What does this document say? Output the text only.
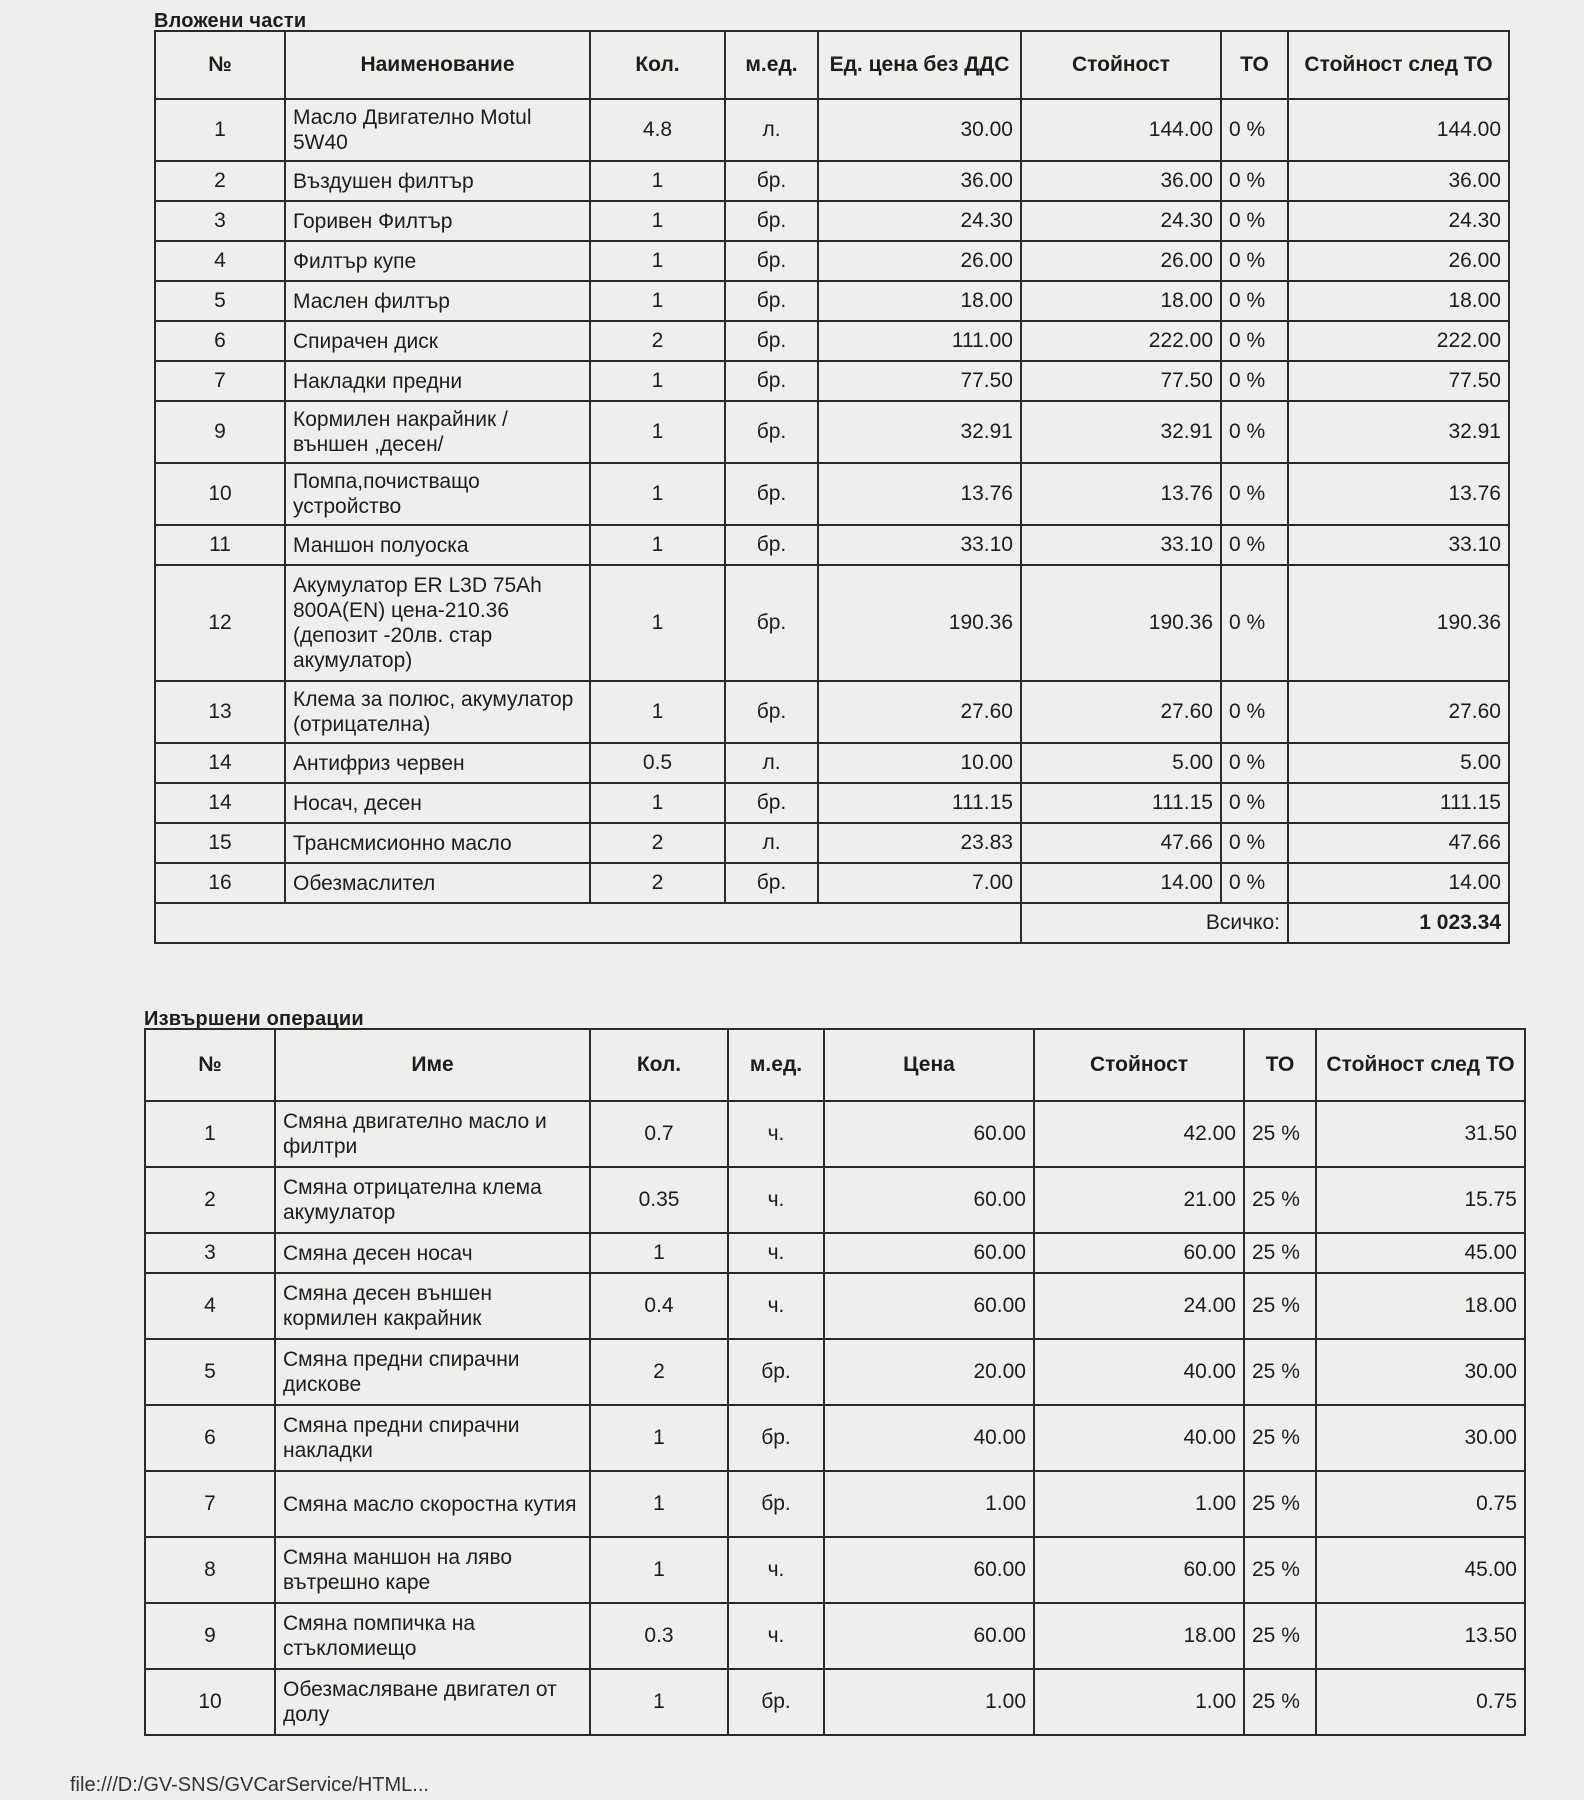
Вложени части
№	Наименование	Кол.	м.ед.	Ед. цена без ДДС	Стойност	ТО	Стойност след ТО
1	Масло Двигателно Motul 5W40	4.8	л.	30.00	144.00	0 %	144.00
2	Въздушен филтър	1	бр.	36.00	36.00	0 %	36.00
3	Горивен Филтър	1	бр.	24.30	24.30	0 %	24.30
4	Филтър купе	1	бр.	26.00	26.00	0 %	26.00
5	Маслен филтър	1	бр.	18.00	18.00	0 %	18.00
6	Спирачен диск	2	бр.	111.00	222.00	0 %	222.00
7	Накладки предни	1	бр.	77.50	77.50	0 %	77.50
9	Кормилен накрайник / външен ,десен/	1	бр.	32.91	32.91	0 %	32.91
10	Помпа,почистващо устройство	1	бр.	13.76	13.76	0 %	13.76
11	Маншон полуоска	1	бр.	33.10	33.10	0 %	33.10
12	Акумулатор ER L3D 75Ah 800A(EN) цена-210.36 (депозит -20лв. стар акумулатор)	1	бр.	190.36	190.36	0 %	190.36
13	Клема за полюс, акумулатор (отрицателна)	1	бр.	27.60	27.60	0 %	27.60
14	Антифриз червен	0.5	л.	10.00	5.00	0 %	5.00
14	Носач, десен	1	бр.	111.15	111.15	0 %	111.15
15	Трансмисионно масло	2	л.	23.83	47.66	0 %	47.66
16	Обезмаслител	2	бр.	7.00	14.00	0 %	14.00
					Всичко:		1 023.34
Извършени операции
№	Име	Кол.	м.ед.	Цена	Стойност	ТО	Стойност след ТО
1	Смяна двигателно масло и филтри	0.7	ч.	60.00	42.00	25 %	31.50
2	Смяна отрицателна клема акумулатор	0.35	ч.	60.00	21.00	25 %	15.75
3	Смяна десен носач	1	ч.	60.00	60.00	25 %	45.00
4	Смяна десен външен кормилен какрайник	0.4	ч.	60.00	24.00	25 %	18.00
5	Смяна предни спирачни дискове	2	бр.	20.00	40.00	25 %	30.00
6	Смяна предни спирачни накладки	1	бр.	40.00	40.00	25 %	30.00
7	Смяна масло скоростна кутия	1	бр.	1.00	1.00	25 %	0.75
8	Смяна маншон на ляво вътрешно каре	1	ч.	60.00	60.00	25 %	45.00
9	Смяна помпичка на стъкломиещо	0.3	ч.	60.00	18.00	25 %	13.50
10	Обезмасляване двигател от долу	1	бр.	1.00	1.00	25 %	0.75
file:///D:/GV-SNS/GVCarService/HTML...
